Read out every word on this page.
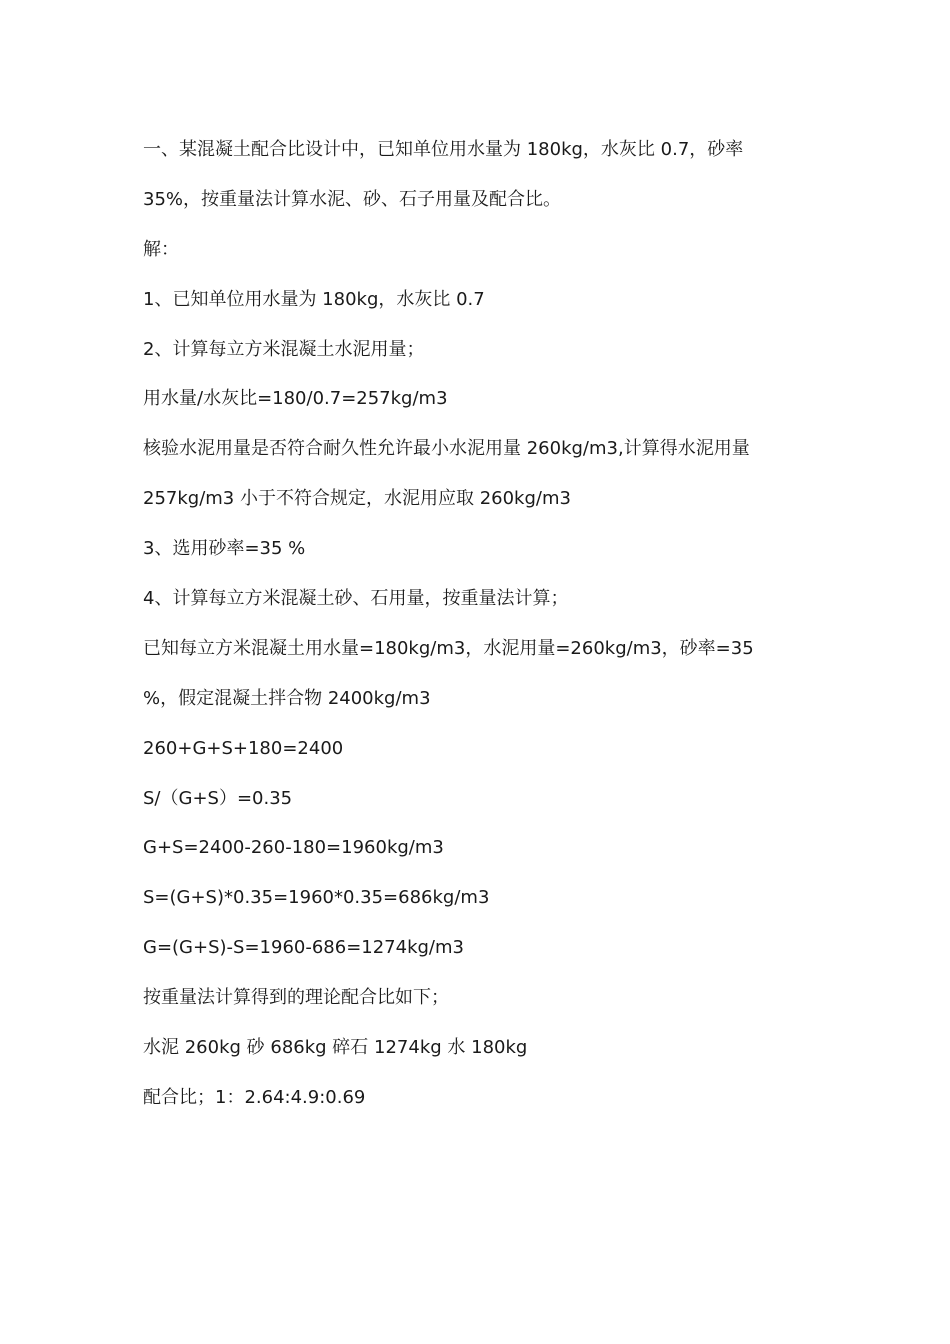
一、某混凝土配合比设计中，已知单位用水量为 180kg，水灰比 0.7，砂率
35%，按重量法计算水泥、砂、石子用量及配合比。
解：
1、已知单位用水量为 180kg，水灰比 0.7
2、计算每立方米混凝土水泥用量；
用水量/水灰比=180/0.7=257kg/m3
核验水泥用量是否符合耐久性允许最小水泥用量 260kg/m3,计算得水泥用量
257kg/m3 小于不符合规定，水泥用应取 260kg/m3
3、选用砂率=35 %
4、计算每立方米混凝土砂、石用量，按重量法计算；
已知每立方米混凝土用水量=180kg/m3，水泥用量=260kg/m3，砂率=35
%，假定混凝土拌合物 2400kg/m3
260+G+S+180=2400
S/（G+S）=0.35
G+S=2400-260-180=1960kg/m3
S=(G+S)*0.35=1960*0.35=686kg/m3
G=(G+S)-S=1960-686=1274kg/m3
按重量法计算得到的理论配合比如下；
水泥 260kg 砂 686kg 碎石 1274kg 水 180kg
配合比；1：2.64:4.9:0.69
